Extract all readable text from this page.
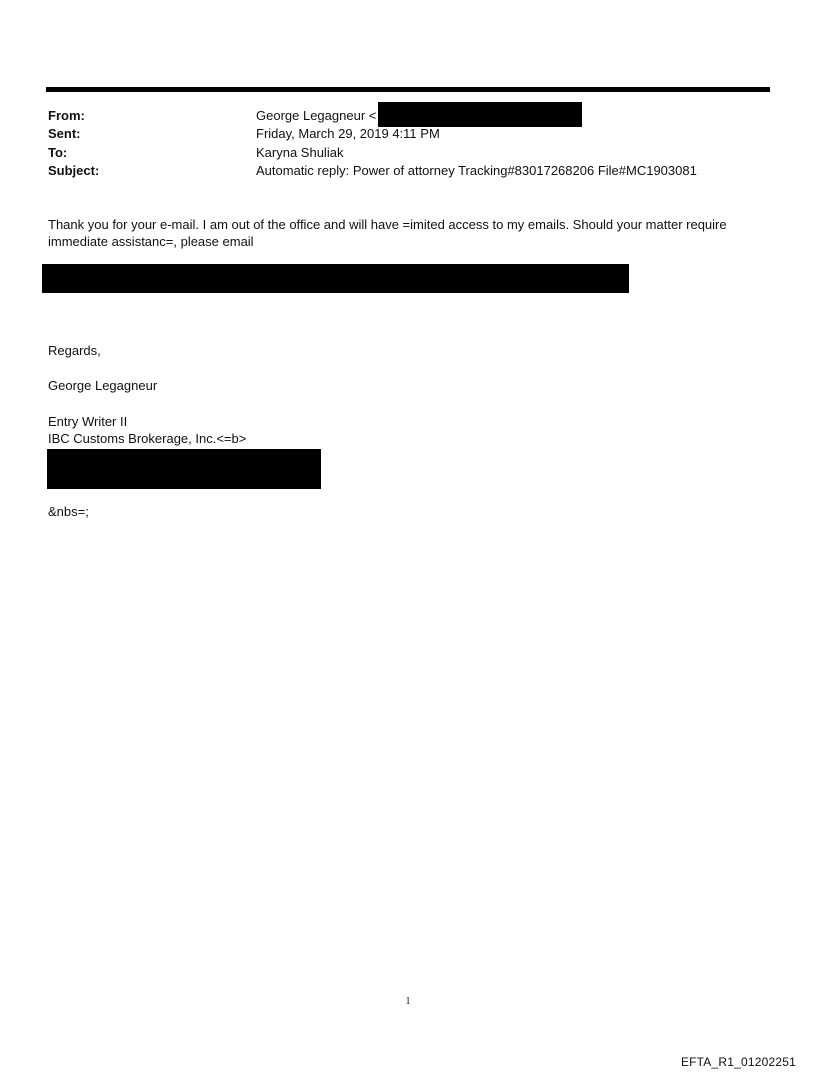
From:	George Legagneur <
Sent:	Friday, March 29, 2019 4:11 PM
To:	Karyna Shuliak
Subject:	Automatic reply: Power of attorney Tracking#83017268206 File#MC1903081
Thank you for your e-mail. I am out of the office and will have =imited access to my emails. Should your matter require
immediate assistanc=, please email
Regards,
George Legagneur
Entry Writer II
IBC Customs Brokerage, Inc.<=b>
&nbs=;
1
EFTA_R1_01202251
